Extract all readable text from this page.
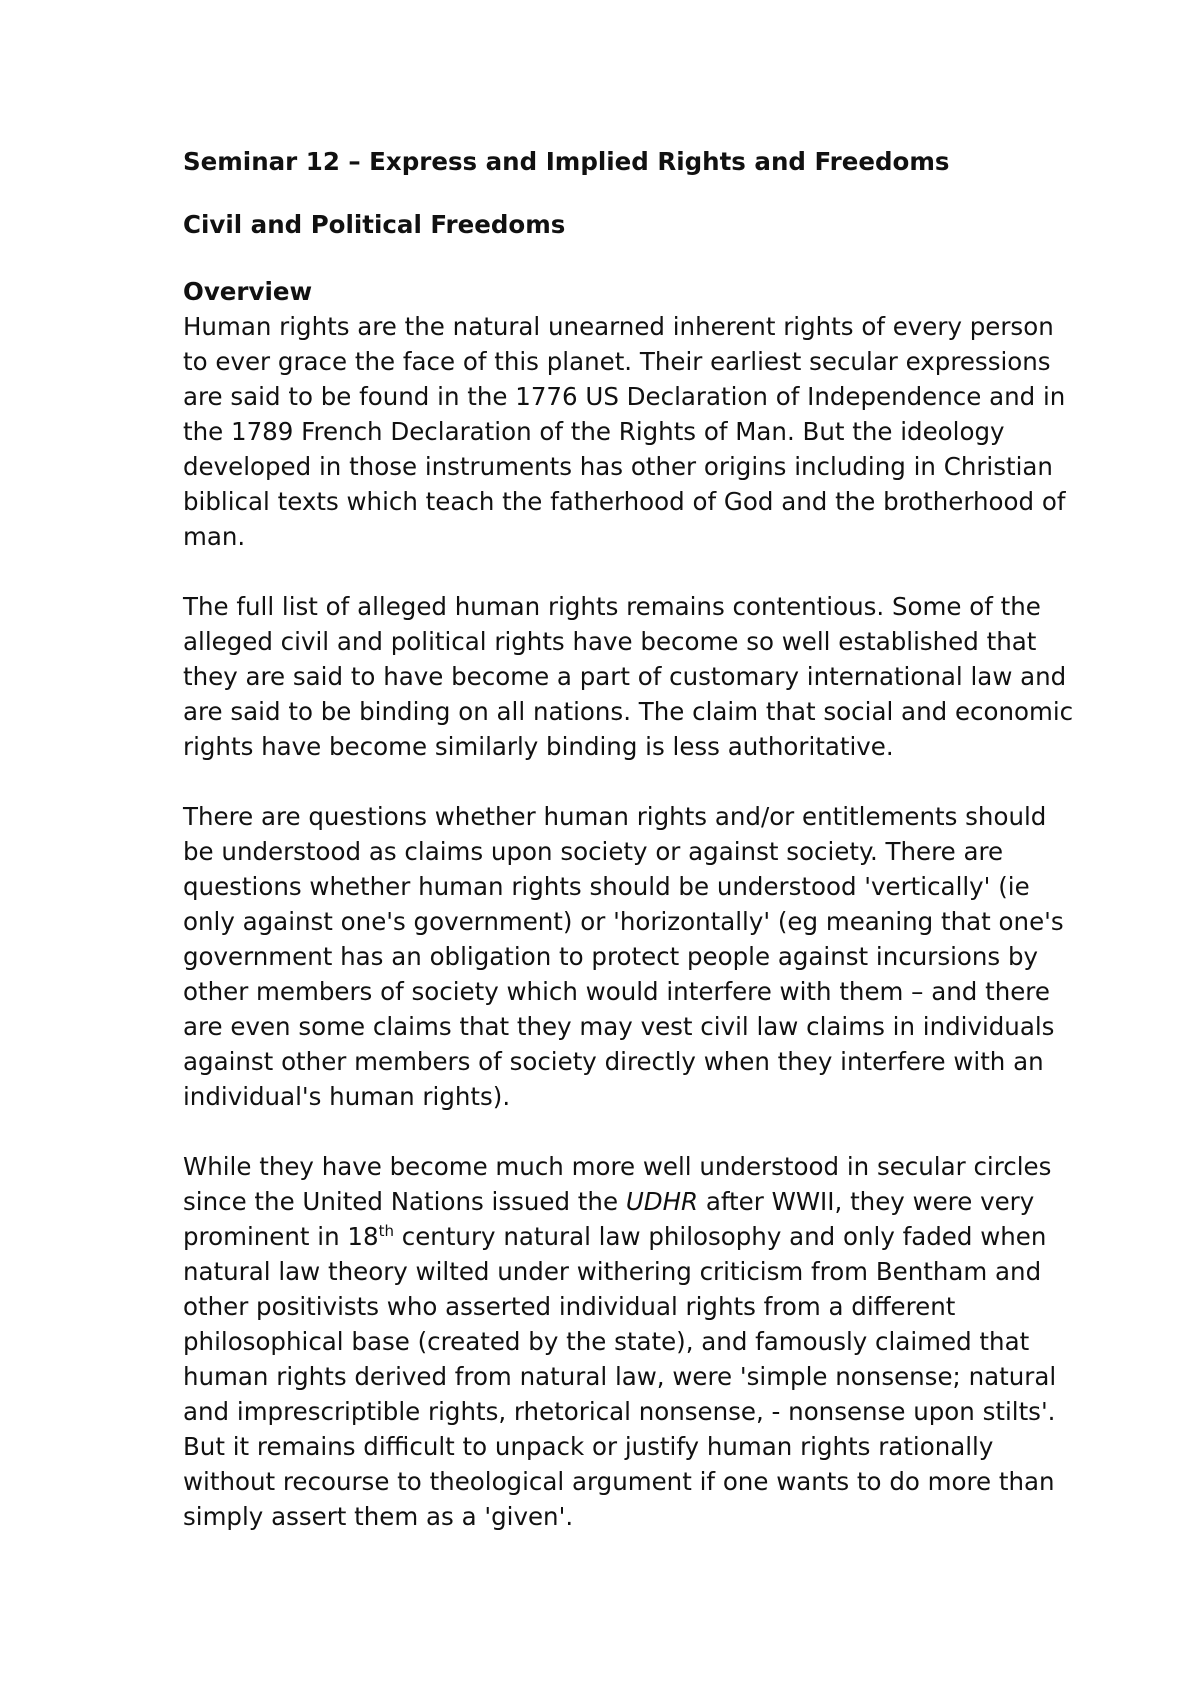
Seminar 12 – Express and Implied Rights and Freedoms

Civil and Political Freedoms

Overview

Human rights are the natural unearned inherent rights of every person
to ever grace the face of this planet. Their earliest secular expressions
are said to be found in the 1776 US Declaration of Independence and in
the 1789 French Declaration of the Rights of Man. But the ideology
developed in those instruments has other origins including in Christian
biblical texts which teach the fatherhood of God and the brotherhood of
man.

The full list of alleged human rights remains contentious. Some of the
alleged civil and political rights have become so well established that
they are said to have become a part of customary international law and
are said to be binding on all nations. The claim that social and economic
rights have become similarly binding is less authoritative.

There are questions whether human rights and/or entitlements should
be understood as claims upon society or against society. There are
questions whether human rights should be understood 'vertically' (ie
only against one's government) or 'horizontally' (eg meaning that one's
government has an obligation to protect people against incursions by
other members of society which would interfere with them – and there
are even some claims that they may vest civil law claims in individuals
against other members of society directly when they interfere with an
individual's human rights).

While they have become much more well understood in secular circles
since the United Nations issued the UDHR after WWII, they were very
prominent in 18th century natural law philosophy and only faded when
natural law theory wilted under withering criticism from Bentham and
other positivists who asserted individual rights from a different
philosophical base (created by the state), and famously claimed that
human rights derived from natural law, were 'simple nonsense; natural
and imprescriptible rights, rhetorical nonsense, - nonsense upon stilts'.
But it remains difficult to unpack or justify human rights rationally
without recourse to theological argument if one wants to do more than
simply assert them as a 'given'.
